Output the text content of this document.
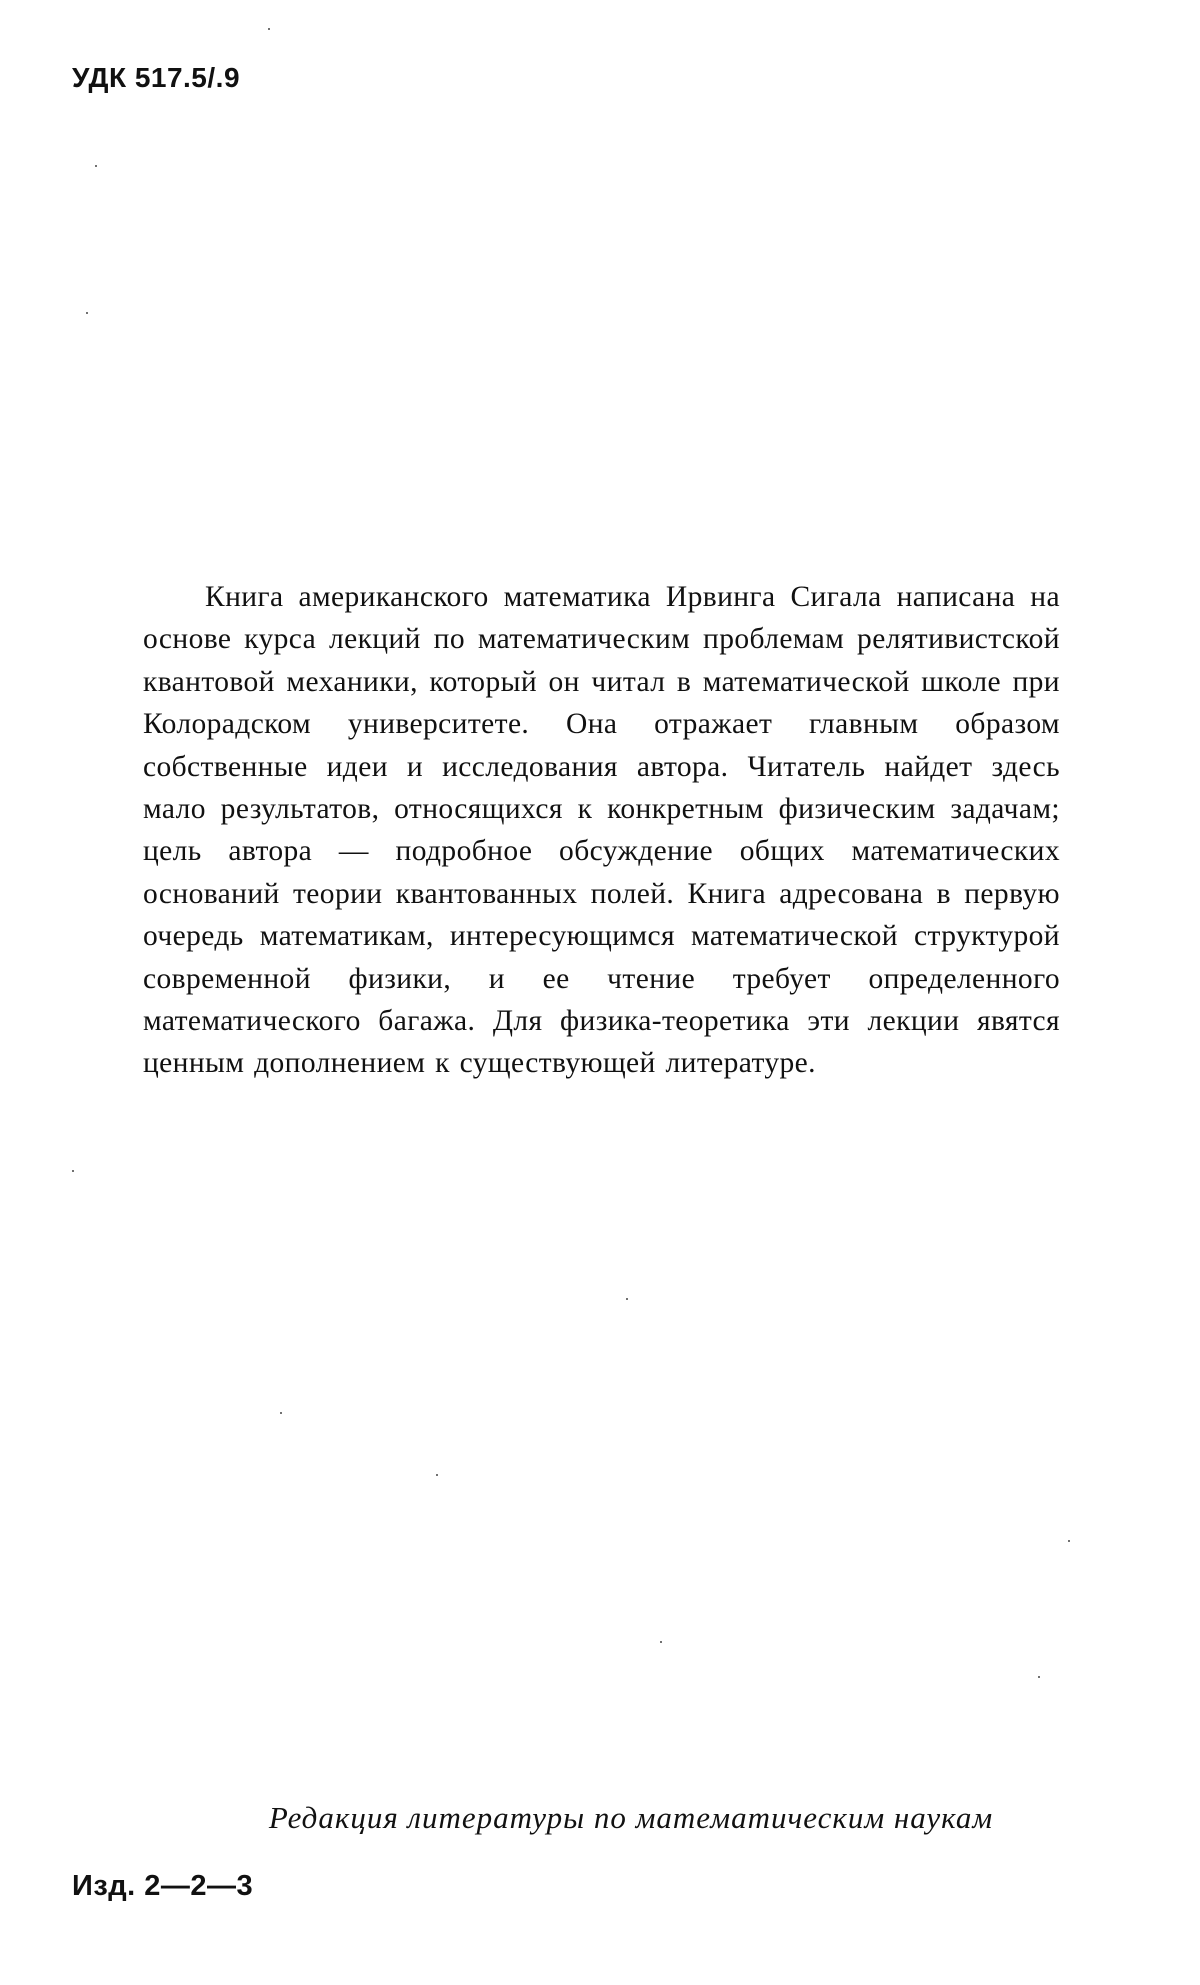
УДК 517.5/.9

Книга американского математика Ирвинга Сигала написана на основе курса лекций по математическим проблемам релятивистской квантовой механики, который он читал в математической школе при Колорадском университете. Она отражает главным образом собственные идеи и исследования автора. Читатель найдет здесь мало результатов, относящихся к конкретным физическим задачам; цель автора — подробное обсуждение общих математических оснований теории квантованных полей. Книга адресована в первую очередь математикам, интересующимся математической структурой современной физики, и ее чтение требует определенного математического багажа. Для физика-теоретика эти лекции явятся ценным дополнением к существующей литературе.

Редакция литературы по математическим наукам

Изд. 2—2—3
